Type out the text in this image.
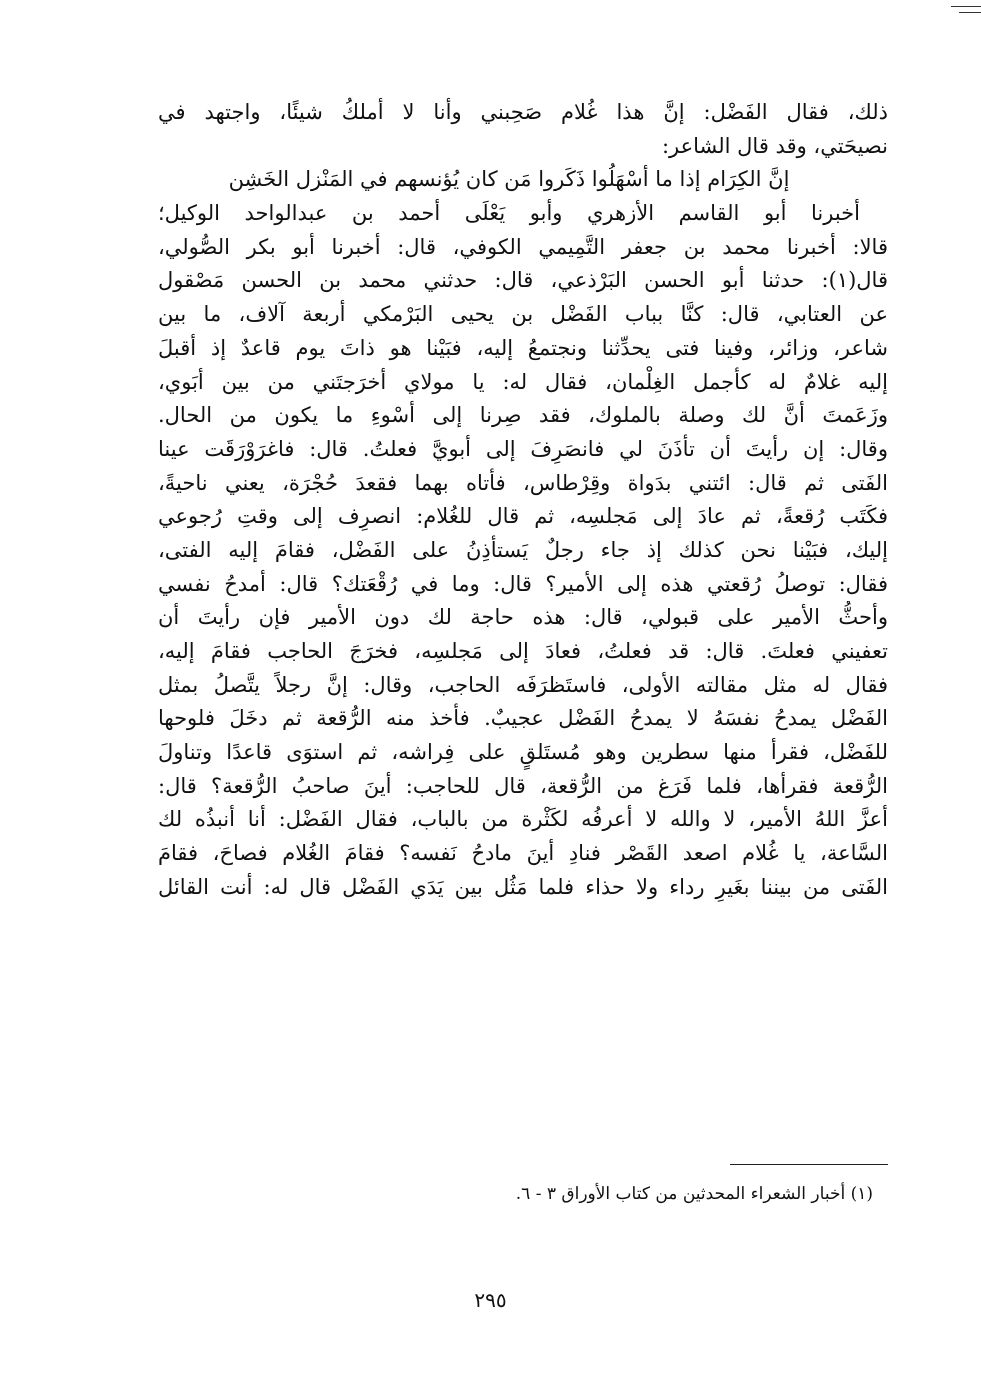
ذلك، فقال الفَضْل: إنَّ هذا غُلام صَحِبني وأنا لا أملكُ شيئًا، واجتهد في
نصيحَتي، وقد قال الشاعر:
إنَّ الكِرَام إذا ما أسْهَلُوا ذَكَروا مَن كان يُؤنسهم في المَنْزل الخَشِن
أخبرنا أبو القاسم الأزهري وأبو يَعْلَى أحمد بن عبدالواحد الوكيل؛
قالا: أخبرنا محمد بن جعفر التَّمِيمي الكوفي، قال: أخبرنا أبو بكر الصُّولي،
قال(١): حدثنا أبو الحسن البَرْذعي، قال: حدثني محمد بن الحسن مَصْقول
عن العتابي، قال: كنَّا بباب الفَضْل بن يحيى البَرْمكي أربعة آلاف، ما بين
شاعر، وزائر، وفينا فتى يحدِّثنا ونجتمعُ إليه، فبَيْنا هو ذاتَ يوم قاعدٌ إذ أقبلَ
إليه غلامٌ له كأجمل الغِلْمان، فقال له: يا مولاي أخرَجتَني من بين أبَوي،
وزَعَمتَ أنَّ لك وصلة بالملوك، فقد صِرنا إلى أسْوءِ ما يكون من الحال.
وقال: إن رأيتَ أن تأذَنَ لي فانصَرِفَ إلى أبويَّ فعلتُ. قال: فاغرَوْرَقَت عينا
الفَتى ثم قال: ائتني بدَواة وقِرْطاس، فأتاه بهما فقعدَ حُجْرَة، يعني ناحيةً،
فكَتَب رُقعةً، ثم عادَ إلى مَجلسِه، ثم قال للغُلام: انصرِف إلى وقتِ رُجوعي
إليك، فبَيْنا نحن كذلك إذ جاء رجلٌ يَستأذِنُ على الفَضْل، فقامَ إليه الفتى،
فقال: توصلُ رُقعتي هذه إلى الأمير؟ قال: وما في رُقْعَتك؟ قال: أمدحُ نفسي
وأحثُّ الأمير على قبولي، قال: هذه حاجة لك دون الأمير فإن رأيتَ أن
تعفيني فعلتَ. قال: قد فعلتُ، فعادَ إلى مَجلسِه، فخرَجَ الحاجب فقامَ إليه،
فقال له مثل مقالته الأولى، فاستَظرَفَه الحاجب، وقال: إنَّ رجلاً يتَّصلُ بمثل
الفَضْل يمدحُ نفسَهُ لا يمدحُ الفَضْل عجيبٌ. فأخذ منه الرُّقعة ثم دخَلَ فلوحها
للفَضْل، فقرأ منها سطرين وهو مُستَلقٍ على فِراشه، ثم استوَى قاعدًا وتناولَ
الرُّقعة فقرأها، فلما فَرَغ من الرُّقعة، قال للحاجب: أينَ صاحبُ الرُّقعة؟ قال:
أعزَّ اللهُ الأمير، لا والله لا أعرفُه لكَثْرة من بالباب، فقال الفَضْل: أنا أنبذُه لك
السَّاعة، يا غُلام اصعد القَصْر فنادِ أينَ مادحُ نَفسه؟ فقامَ الغُلام فصاحَ، فقامَ
الفَتى من بيننا بغَيرِ رداء ولا حذاء فلما مَثُل بين يَدَي الفَضْل قال له: أنت القائل
(١) أخبار الشعراء المحدثين من كتاب الأوراق ٣ - ٦.
٢٩٥
